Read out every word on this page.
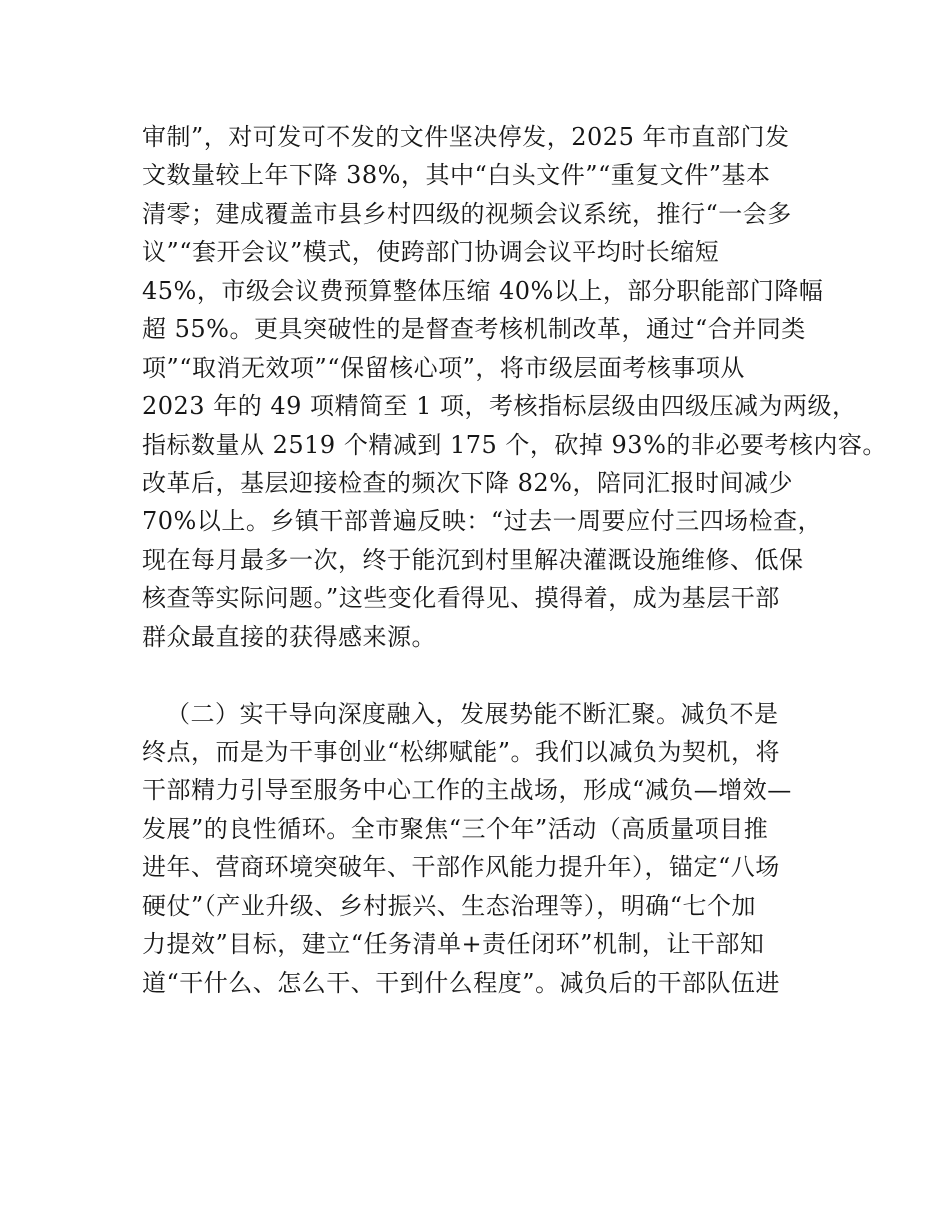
审制”，对可发可不发的文件坚决停发，2025 年市直部门发
文数量较上年下降 38%，其中“白头文件”“重复文件”基本
清零；建成覆盖市县乡村四级的视频会议系统，推行“一会多
议”“套开会议”模式，使跨部门协调会议平均时长缩短
45%，市级会议费预算整体压缩 40%以上，部分职能部门降幅
超 55%。更具突破性的是督查考核机制改革，通过“合并同类
项”“取消无效项”“保留核心项”，将市级层面考核事项从
2023 年的 49 项精简至 1 项，考核指标层级由四级压减为两级，
指标数量从 2519 个精减到 175 个，砍掉 93%的非必要考核内容。
改革后，基层迎接检查的频次下降 82%，陪同汇报时间减少
70%以上。乡镇干部普遍反映：“过去一周要应付三四场检查，
现在每月最多一次，终于能沉到村里解决灌溉设施维修、低保
核查等实际问题。”这些变化看得见、摸得着，成为基层干部
群众最直接的获得感来源。
（二）实干导向深度融入，发展势能不断汇聚。减负不是
终点，而是为干事创业“松绑赋能”。我们以减负为契机，将
干部精力引导至服务中心工作的主战场，形成“减负—增效—
发展”的良性循环。全市聚焦“三个年”活动（高质量项目推
进年、营商环境突破年、干部作风能力提升年），锚定“八场
硬仗”（产业升级、乡村振兴、生态治理等），明确“七个加
力提效”目标，建立“任务清单+责任闭环”机制，让干部知
道“干什么、怎么干、干到什么程度”。减负后的干部队伍进
